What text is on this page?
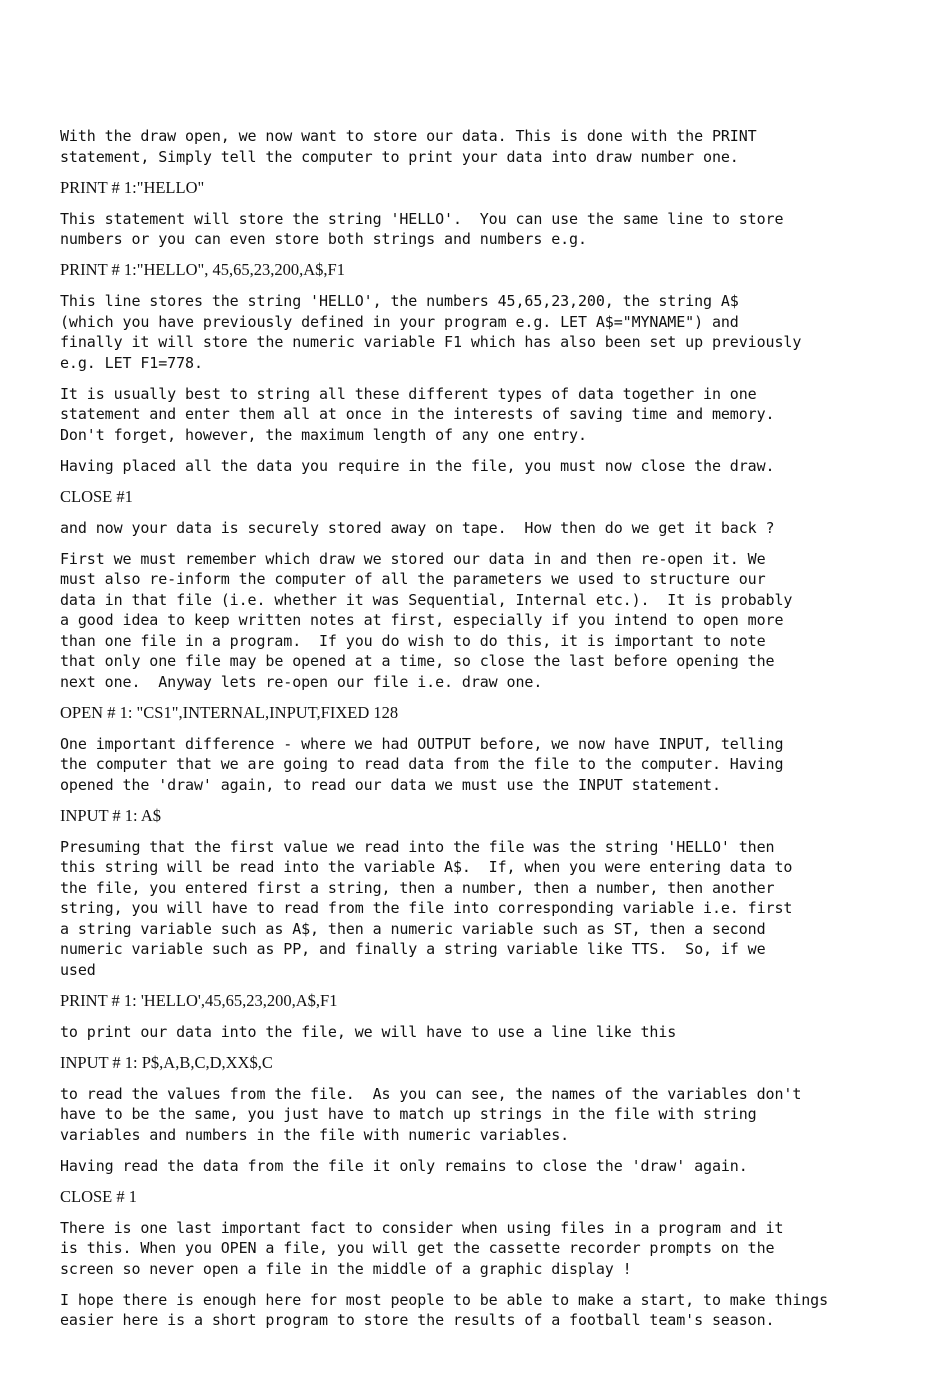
With the draw open, we now want to store our data. This is done with the PRINT
statement, Simply tell the computer to print your data into draw number one.

PRINT # 1:"HELLO"

This statement will store the string 'HELLO'.  You can use the same line to store
numbers or you can even store both strings and numbers e.g.

PRINT # 1:"HELLO", 45,65,23,200,A$,F1

This line stores the string 'HELLO', the numbers 45,65,23,200, the string A$
(which you have previously defined in your program e.g. LET A$="MYNAME") and
finally it will store the numeric variable F1 which has also been set up previously
e.g. LET F1=778.

It is usually best to string all these different types of data together in one
statement and enter them all at once in the interests of saving time and memory.
Don't forget, however, the maximum length of any one entry.

Having placed all the data you require in the file, you must now close the draw.

CLOSE #1

and now your data is securely stored away on tape.  How then do we get it back ?

First we must remember which draw we stored our data in and then re-open it. We
must also re-inform the computer of all the parameters we used to structure our
data in that file (i.e. whether it was Sequential, Internal etc.).  It is probably
a good idea to keep written notes at first, especially if you intend to open more
than one file in a program.  If you do wish to do this, it is important to note
that only one file may be opened at a time, so close the last before opening the
next one.  Anyway lets re-open our file i.e. draw one.

OPEN # 1: "CS1",INTERNAL,INPUT,FIXED 128

One important difference - where we had OUTPUT before, we now have INPUT, telling
the computer that we are going to read data from the file to the computer. Having
opened the 'draw' again, to read our data we must use the INPUT statement.

INPUT # 1: A$

Presuming that the first value we read into the file was the string 'HELLO' then
this string will be read into the variable A$.  If, when you were entering data to
the file, you entered first a string, then a number, then a number, then another
string, you will have to read from the file into corresponding variable i.e. first
a string variable such as A$, then a numeric variable such as ST, then a second
numeric variable such as PP, and finally a string variable like TTS.  So, if we
used

PRINT # 1: 'HELLO',45,65,23,200,A$,F1

to print our data into the file, we will have to use a line like this

INPUT # 1: P$,A,B,C,D,XX$,C

to read the values from the file.  As you can see, the names of the variables don't
have to be the same, you just have to match up strings in the file with string
variables and numbers in the file with numeric variables.

Having read the data from the file it only remains to close the 'draw' again.

CLOSE # 1

There is one last important fact to consider when using files in a program and it
is this. When you OPEN a file, you will get the cassette recorder prompts on the
screen so never open a file in the middle of a graphic display !

I hope there is enough here for most people to be able to make a start, to make things
easier here is a short program to store the results of a football team's season.
